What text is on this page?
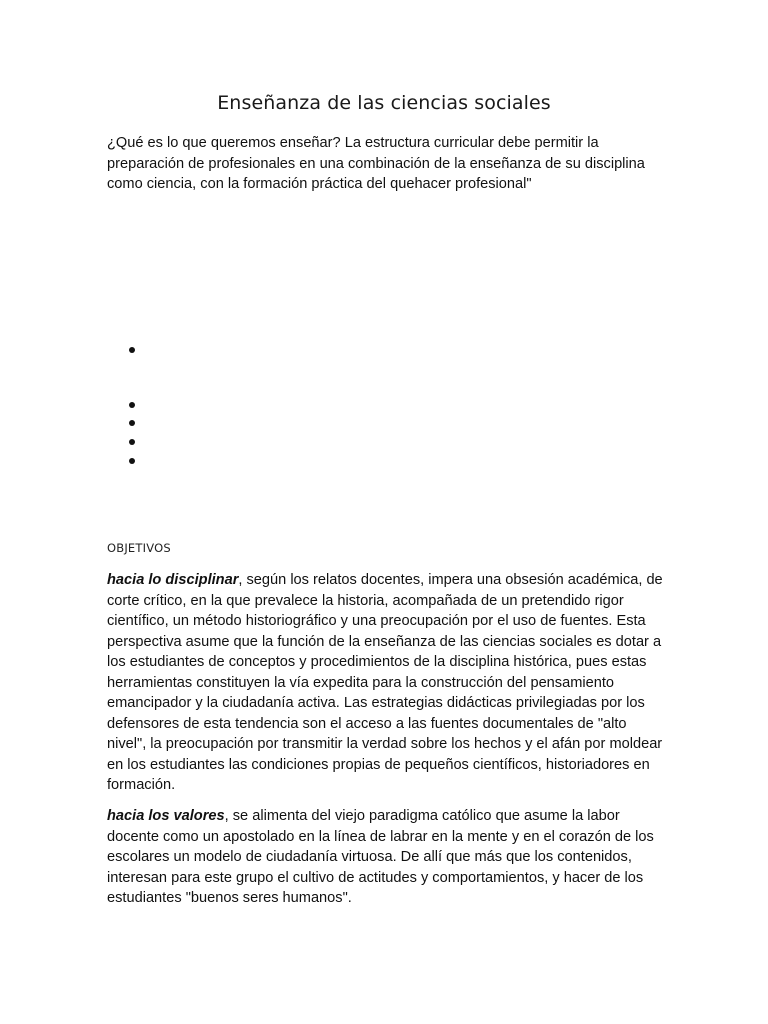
Enseñanza de las ciencias sociales

¿Qué es lo que queremos enseñar? La estructura curricular debe permitir la preparación de profesionales en una combinación de la enseñanza de su disciplina como ciencia, con la formación práctica del quehacer profesional"

OBJETIVOS

hacia lo disciplinar, según los relatos docentes, impera una obsesión académica, de corte crítico, en la que prevalece la historia, acompañada de un pretendido rigor científico, un método historiográfico y una preocupación por el uso de fuentes. Esta perspectiva asume que la función de la enseñanza de las ciencias sociales es dotar a los estudiantes de conceptos y procedimientos de la disciplina histórica, pues estas herramientas constituyen la vía expedita para la construcción del pensamiento emancipador y la ciudadanía activa. Las estrategias didácticas privilegiadas por los defensores de esta tendencia son el acceso a las fuentes documentales de "alto nivel", la preocupación por transmitir la verdad sobre los hechos y el afán por moldear en los estudiantes las condiciones propias de pequeños científicos, historiadores en formación.

hacia los valores, se alimenta del viejo paradigma católico que asume la labor docente como un apostolado en la línea de labrar en la mente y en el corazón de los escolares un modelo de ciudadanía virtuosa. De allí que más que los contenidos, interesan para este grupo el cultivo de actitudes y comportamientos, y hacer de los estudiantes "buenos seres humanos".
